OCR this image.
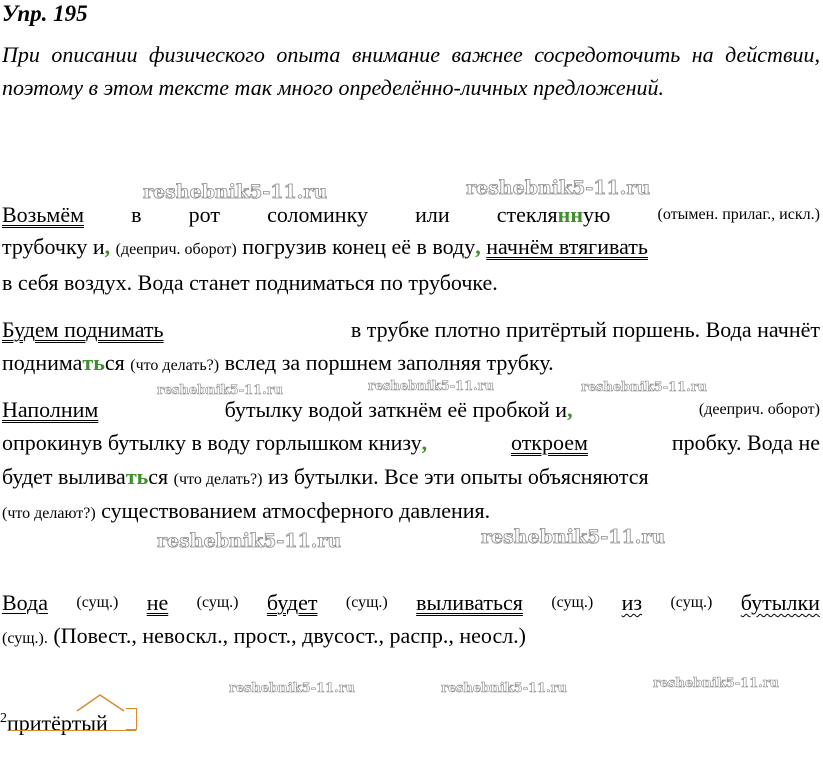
Упр. 195
При описании физического опыта внимание важнее сосредоточить на действии, поэтому в этом тексте так много определённо-личных предложений.
reshebnik5-11.ru	reshebnik5-11.ru
reshebnik5-11.ru	reshebnik5-11.ru	reshebnik5-11.ru
reshebnik5-11.ru	reshebnik5-11.ru
reshebnik5-11.ru	reshebnik5-11.ru	reshebnik5-11.ru
Возьмём в рот соломинку или стеклянную	(отымен. прилаг., искл.)
трубочку и, (дееприч. оборот) погрузив конец её в воду, начнём втягивать
в себя воздух. Вода станет подниматься по трубочке.
Будем поднимать	в трубке плотно притёртый поршень. Вода начнёт
подниматься (что делать?) вслед за поршнем заполняя трубку.
Наполним	бутылку водой заткнём её пробкой и,	(дееприч. оборот)
опрокинув бутылку в воду горлышком книзу,	откроем	пробку. Вода не
будет выливаться (что делать?) из бутылки. Все эти опыты объясняются
(что делают?) существованием атмосферного давления.
Вода (сущ.) не (сущ.) будет (сущ.) выливаться (сущ.) из (сущ.) бутылки
(сущ.). (Повест., невоскл., прост., двусост., распр., неосл.)
$^2$притёртый
